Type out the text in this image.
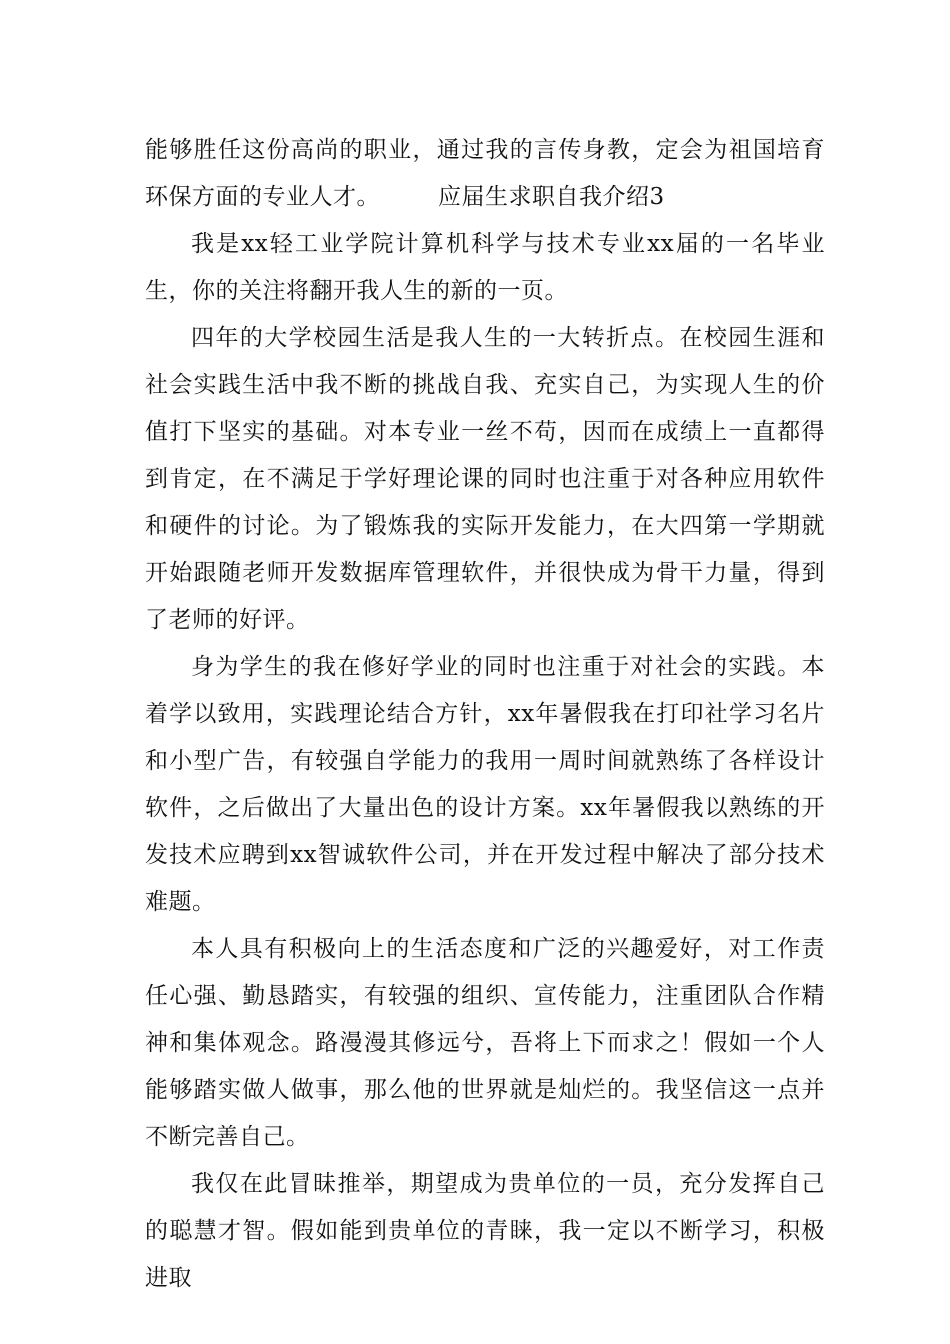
能够胜任这份高尚的职业，通过我的言传身教，定会为祖国培育环保方面的专业人才。	应届生求职自我介绍3

我是xx轻工业学院计算机科学与技术专业xx届的一名毕业生，你的关注将翻开我人生的新的一页。

四年的大学校园生活是我人生的一大转折点。在校园生涯和社会实践生活中我不断的挑战自我、充实自己，为实现人生的价值打下坚实的基础。对本专业一丝不苟，因而在成绩上一直都得到肯定，在不满足于学好理论课的同时也注重于对各种应用软件和硬件的讨论。为了锻炼我的实际开发能力，在大四第一学期就开始跟随老师开发数据库管理软件，并很快成为骨干力量，得到了老师的好评。

身为学生的我在修好学业的同时也注重于对社会的实践。本着学以致用，实践理论结合方针，xx年暑假我在打印社学习名片和小型广告，有较强自学能力的我用一周时间就熟练了各样设计软件，之后做出了大量出色的设计方案。xx年暑假我以熟练的开发技术应聘到xx智诚软件公司，并在开发过程中解决了部分技术难题。

本人具有积极向上的生活态度和广泛的兴趣爱好，对工作责任心强、勤恳踏实，有较强的组织、宣传能力，注重团队合作精神和集体观念。路漫漫其修远兮，吾将上下而求之！假如一个人能够踏实做人做事，那么他的世界就是灿烂的。我坚信这一点并不断完善自己。

我仅在此冒昧推举，期望成为贵单位的一员，充分发挥自己的聪慧才智。假如能到贵单位的青睐，我一定以不断学习，积极进取
